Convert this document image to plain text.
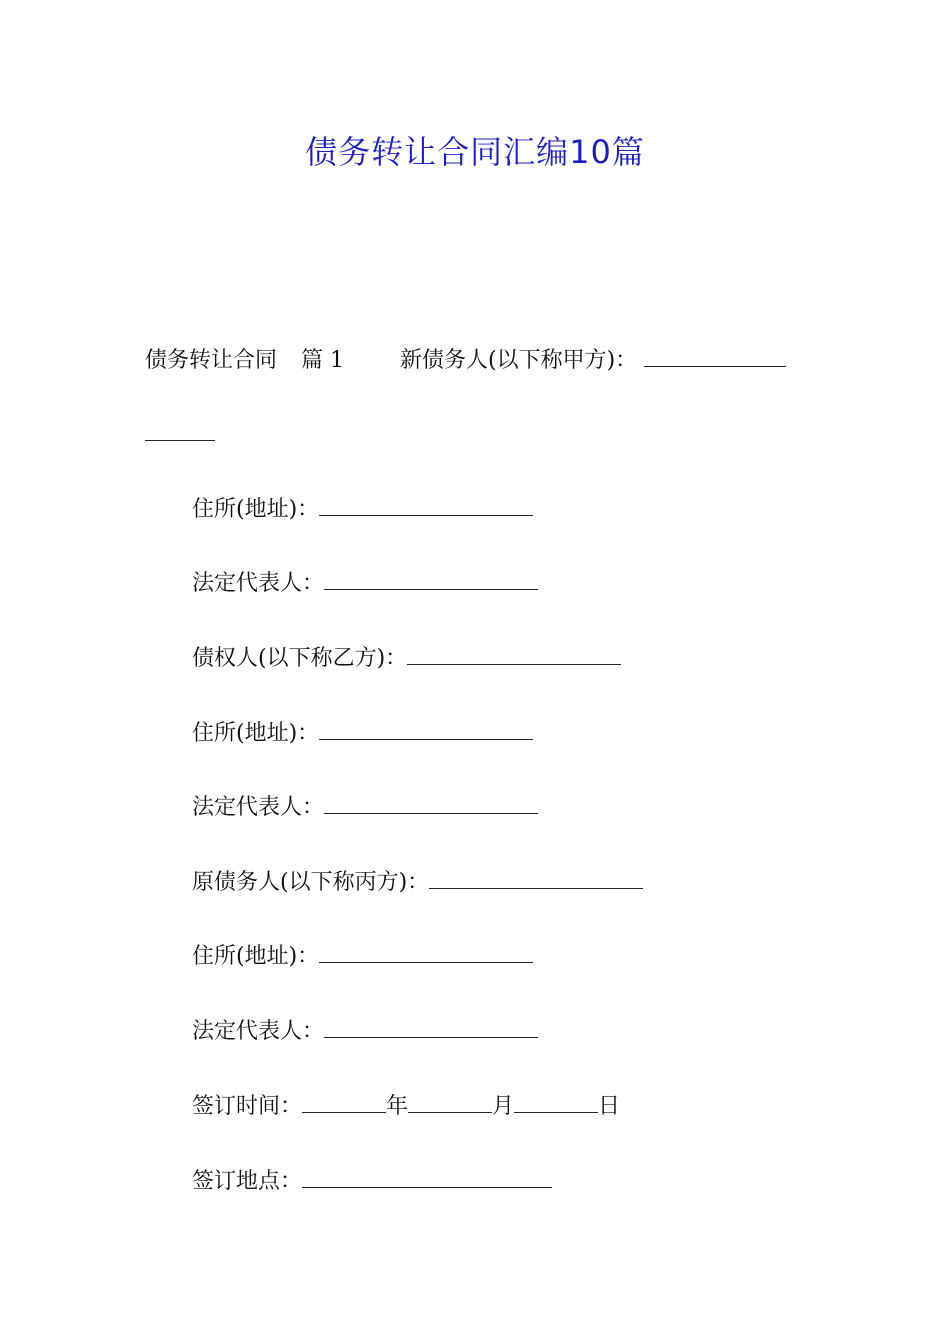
债务转让合同汇编10篇
债务转让合同 篇 1	新债务人(以下称甲方)：
住所(地址)：
法定代表人：
债权人(以下称乙方)：
住所(地址)：
法定代表人：
原债务人(以下称丙方)：
住所(地址)：
法定代表人：
签订时间：	年	月	日
签订地点：
